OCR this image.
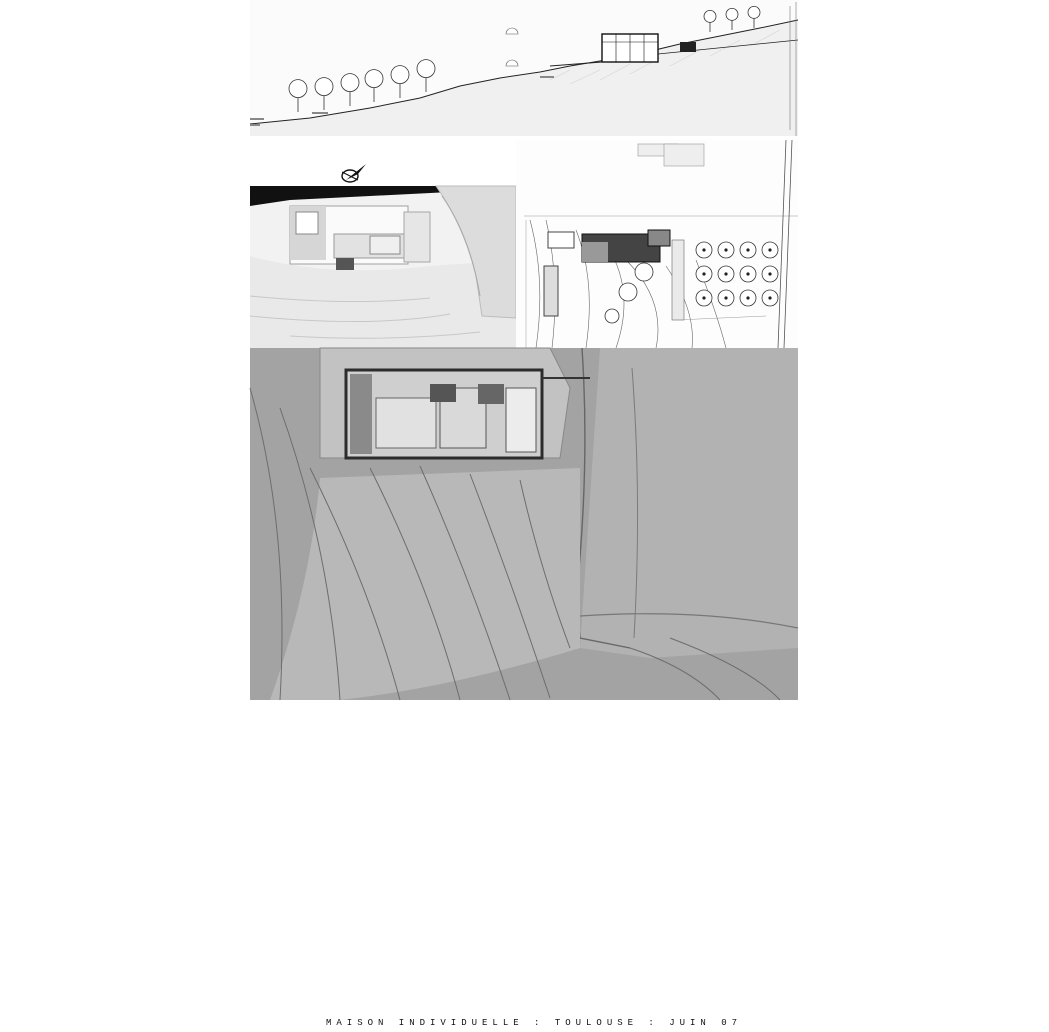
MAISON INDIVIDUELLE : TOULOUSE : JUIN 07
